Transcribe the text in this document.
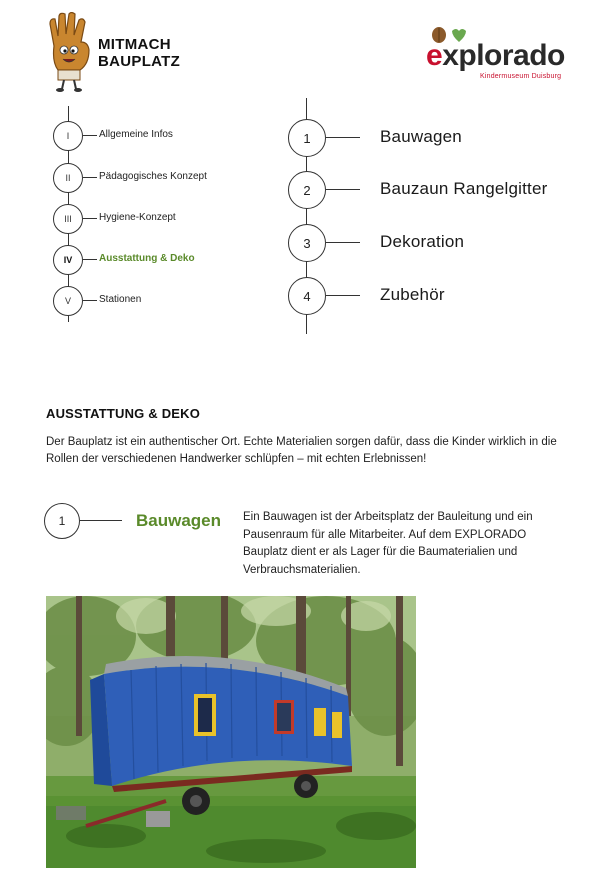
MITMACH
BAUPLATZ	explorado
Kindermuseum Duisburg
I	Allgemeine Infos
II	Pädagogisches Konzept
III	Hygiene-Konzept
IV	Ausstattung & Deko
V	Stationen
1	Bauwagen
2	Bauzaun Rangelgitter
3	Dekoration
4	Zubehör
AUSSTATTUNG & DEKO
Der Bauplatz ist ein authentischer Ort. Echte Materialien sorgen dafür, dass die Kinder wirklich in die Rollen der verschiedenen Handwerker schlüpfen – mit echten Erlebnissen!
1	Bauwagen Ein Bauwagen ist der Arbeitsplatz der Bauleitung und ein Pausenraum für alle Mitarbeiter. Auf dem EXPLORADO Bauplatz dient er als Lager für die Baumaterialien und Verbrauchsmaterialien.
